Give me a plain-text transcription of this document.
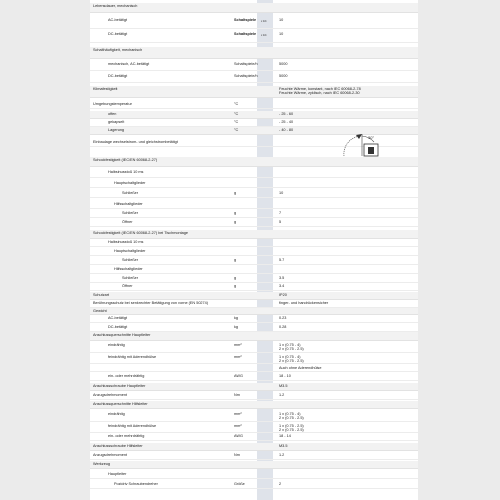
Lebensdauer, mechanisch
AC-betätigt	Schaltspiele	x 10⁶	10
DC-betätigt	Schaltspiele	x 10⁶	10
Schalthäufigkeit, mechanisch
mechanisch, AC-betätigt	Schaltspiele/h	5000
DC-betätigt	Schaltspiele/h	5000
Klimafestigkeit	Feuchte Wärme, konstant, nach IEC 60068-2-78
Feuchte Wärme, zyklisch, nach IEC 60068-2-30
Umgebungstemperatur	°C
offen	°C	- 25 - 60
gekapselt	°C	- 25 - 40
Lagerung	°C	- 40 - 80
Einbaulage wechselstrom- und gleichstrombetätigt
Schockfestigkeit (IEC/EN 60068-2-27)
Halbsinusstoß 10 ms
Hauptschaltglieder
Schließer	g	10
Hilfsschaltglieder
Schließer	g	7
Öffner	g	5
Schockfestigkeit (IEC/EN 60068-2-27) bei Tischmontage
Halbsinusstoß 10 ms
Hauptschaltglieder
Schließer	g	5.7
Hilfsschaltglieder
Schließer	g	3.5
Öffner	g	3.4
Schutzart	IP20
Berührungsschutz bei senkrechter Betätigung von vorne (EN 50274)	finger- und handrückensicher
Gewicht
AC-betätigt	kg	0.23
DC-betätigt	kg	0.28
Anschlussquerschnitte Hauptleiter
eindrähtig	mm²	1 x (0.75 - 4)
2 x (0.75 - 2.5)
feindrähtig mit Aderendhülse	mm²	1 x (0.75 - 4)
2 x (0.75 - 2.5)
Auch ohne Aderendhülse
ein- oder mehrdrähtig	AWG	18 - 10
Anschlussschraube Hauptleiter	M3.5
Anzugsdrehmoment	Nm	1.2
Anschlussquerschnitte Hilfsleiter
eindrähtig	mm²	1 x (0.75 - 4)
2 x (0.75 - 2.5)
feindrähtig mit Aderendhülse	mm²	1 x (0.75 - 2.5)
2 x (0.75 - 2.5)
ein- oder mehrdrähtig	AWG	18 - 14
Anschlussschraube Hilfsleiter	M3.5
Anzugsdrehmoment	Nm	1.2
Werkzeug
Hauptleiter
Pozidriv Schraubendreher	Größe	2
30°
